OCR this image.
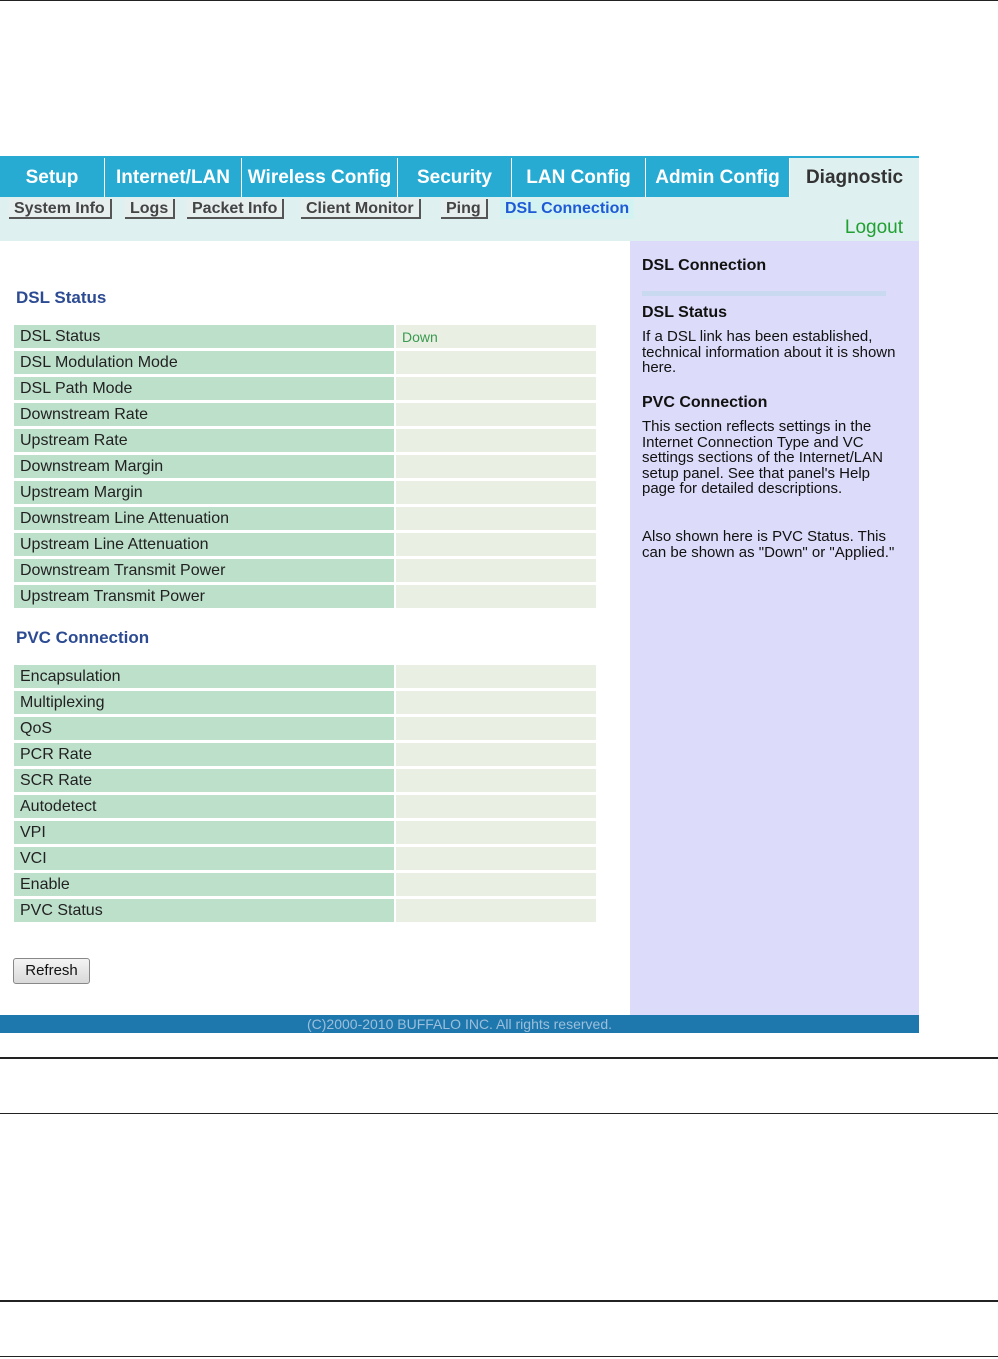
Setup	Internet/LAN Wireless Config	Security	LAN Config	Admin Config	Diagnostic
System Info	Logs	Packet Info	Client Monitor	Ping	DSL Connection
Logout
DSL Status
DSL Status	Down
DSL Modulation Mode	
DSL Path Mode	
Downstream Rate	
Upstream Rate	
Downstream Margin	
Upstream Margin	
Downstream Line Attenuation	
Upstream Line Attenuation	
Downstream Transmit Power	
Upstream Transmit Power	
PVC Connection
Encapsulation	
Multiplexing	
QoS	
PCR Rate	
SCR Rate	
Autodetect	
VPI	
VCI	
Enable	
PVC Status	
Refresh
DSL Connection
DSL Status
If a DSL link has been established, technical information about it is shown here.
PVC Connection
This section reflects settings in the Internet Connection Type and VC settings sections of the Internet/LAN setup panel. See that panel's Help page for detailed descriptions.
Also shown here is PVC Status. This can be shown as "Down" or "Applied."
(C)2000-2010 BUFFALO INC. All rights reserved.
